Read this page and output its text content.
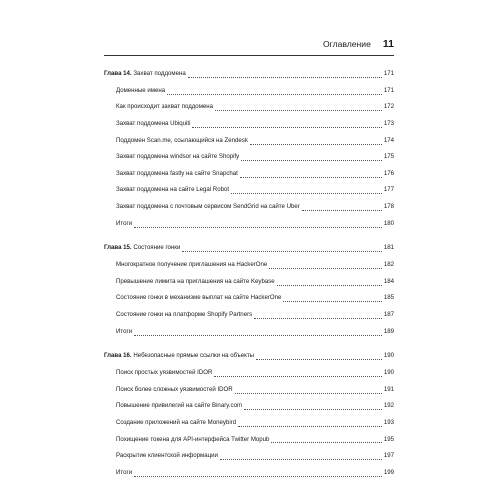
Оглавление 11
Глава 14. Захват поддомена	171
Доменные имена	171
Как происходит захват поддомена	172
Захват поддомена Ubiquiti	173
Поддомен Scan.me, ссылающийся на Zendesk	174
Захват поддомена windsor на сайте Shopify	175
Захват поддомена fastly на сайте Snapchat	176
Захват поддомена на сайте Legal Robot	177
Захват поддомена с почтовым сервисом SendGrid на сайте Uber	178
Итоги	180
Глава 15. Состояние гонки	181
Многократное получение приглашения на HackerOne	182
Превышение лимита на приглашения на сайте Keybase	184
Состояние гонки в механизме выплат на сайте HackerOne	185
Состояние гонки на платформе Shopify Partners	187
Итоги	189
Глава 16. Небезопасные прямые ссылки на объекты	190
Поиск простых уязвимостей IDOR	190
Поиск более сложных уязвимостей IDOR	191
Повышение привилегий на сайте Binary.com	192
Создание приложений на сайте Moneybird	193
Похищение токена для API-интерфейса Twitter Mopub	195
Раскрытие клиентской информации	197
Итоги	199
